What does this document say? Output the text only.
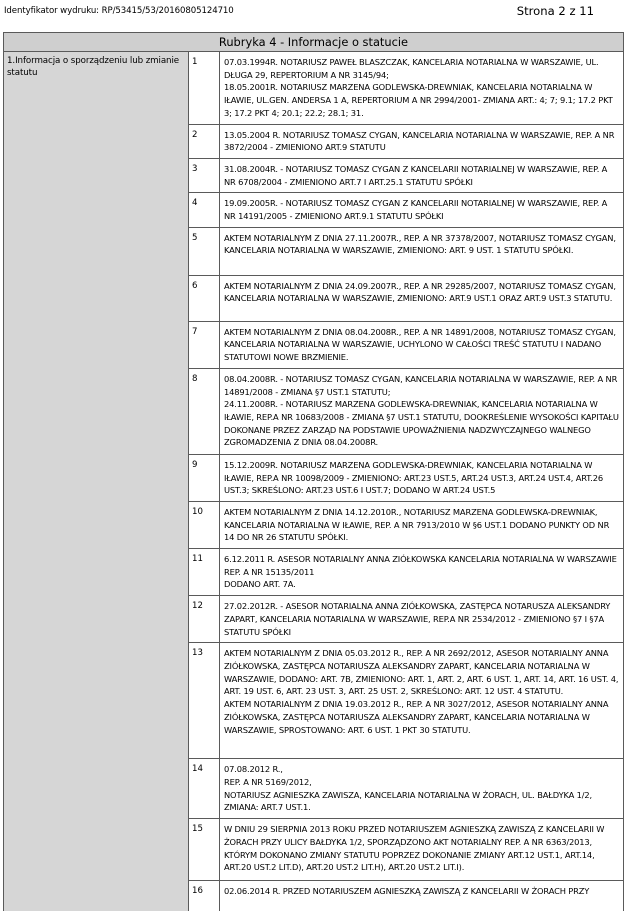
Identyfikator wydruku: RP/53415/53/20160805124710	Strona 2 z 11
Rubryka 4 - Informacje o statucie
1.Informacja o sporządzeniu lub zmianie statutu
1	07.03.1994R. NOTARIUSZ PAWEŁ BLASZCZAK, KANCELARIA NOTARIALNA W WARSZAWIE, UL. DŁUGA 29, REPERTORIUM A NR 3145/94;
18.05.2001R. NOTARIUSZ MARZENA GODLEWSKA-DREWNIAK, KANCELARIA NOTARIALNA W IŁAWIE, UL.GEN. ANDERSA 1 A, REPERTORIUM A NR 2994/2001- ZMIANA ART.: 4; 7; 9.1; 17.2 PKT 3; 17.2 PKT 4; 20.1; 22.2; 28.1; 31.
2	13.05.2004 R. NOTARIUSZ TOMASZ CYGAN, KANCELARIA NOTARIALNA W WARSZAWIE, REP. A NR 3872/2004 - ZMIENIONO ART.9 STATUTU
3	31.08.2004R. - NOTARIUSZ TOMASZ CYGAN Z KANCELARII NOTARIALNEJ W WARSZAWIE, REP. A NR 6708/2004 - ZMIENIONO ART.7 I ART.25.1 STATUTU SPÓŁKI
4	19.09.2005R. - NOTARIUSZ TOMASZ CYGAN Z KANCELARII NOTARIALNEJ W WARSZAWIE, REP. A NR 14191/2005 - ZMIENIONO ART.9.1 STATUTU SPÓŁKI
5	AKTEM NOTARIALNYM Z DNIA 27.11.2007R., REP. A NR 37378/2007, NOTARIUSZ TOMASZ CYGAN, KANCELARIA NOTARIALNA W WARSZAWIE, ZMIENIONO: ART. 9 UST. 1 STATUTU SPÓŁKI.
6	AKTEM NOTARIALNYM Z DNIA 24.09.2007R., REP. A NR 29285/2007, NOTARIUSZ TOMASZ CYGAN, KANCELARIA NOTARIALNA W WARSZAWIE, ZMIENIONO: ART.9 UST.1 ORAZ ART.9 UST.3 STATUTU.
7	AKTEM NOTARIALNYM Z DNIA 08.04.2008R., REP. A NR 14891/2008, NOTARIUSZ TOMASZ CYGAN, KANCELARIA NOTARIALNA W WARSZAWIE, UCHYLONO W CAŁOŚCI TREŚĆ STATUTU I NADANO STATUTOWI NOWE BRZMIENIE.
8	08.04.2008R. - NOTARIUSZ TOMASZ CYGAN, KANCELARIA NOTARIALNA W WARSZAWIE, REP. A NR 14891/2008 - ZMIANA §7 UST.1 STATUTU;
24.11.2008R. - NOTARIUSZ MARZENA GODLEWSKA-DREWNIAK, KANCELARIA NOTARIALNA W IŁAWIE, REP.A NR 10683/2008 - ZMIANA §7 UST.1 STATUTU, DOOKREŚLENIE WYSOKOŚCI KAPITAŁU DOKONANE PRZEZ ZARZĄD NA PODSTAWIE UPOWAŻNIENIA NADZWYCZAJNEGO WALNEGO ZGROMADZENIA Z DNIA 08.04.2008R.
9	15.12.2009R. NOTARIUSZ MARZENA GODLEWSKA-DREWNIAK, KANCELARIA NOTARIALNA W IŁAWIE, REP.A NR 10098/2009 - ZMIENIONO: ART.23 UST.5, ART.24 UST.3, ART.24 UST.4, ART.26 UST.3; SKREŚLONO: ART.23 UST.6 I UST.7; DODANO W ART.24 UST.5
10	AKTEM NOTARIALNYM Z DNIA 14.12.2010R., NOTARIUSZ MARZENA GODLEWSKA-DREWNIAK, KANCELARIA NOTARIALNA W IŁAWIE, REP. A NR 7913/2010 W §6 UST.1 DODANO PUNKTY OD NR 14 DO NR 26 STATUTU SPÓŁKI.
11	6.12.2011 R. ASESOR NOTARIALNY ANNA ZIÓŁKOWSKA KANCELARIA NOTARIALNA W WARSZAWIE REP. A NR 15135/2011
DODANO ART. 7A.
12	27.02.2012R. - ASESOR NOTARIALNA ANNA ZIÓŁKOWSKA, ZASTĘPCA NOTARUSZA ALEKSANDRY ZAPART, KANCELARIA NOTARIALNA W WARSZAWIE, REP.A NR 2534/2012 - ZMIENIONO §7 I §7A STATUTU SPÓŁKI
13	AKTEM NOTARIALNYM Z DNIA 05.03.2012 R., REP. A NR 2692/2012, ASESOR NOTARIALNY ANNA ZIÓŁKOWSKA, ZASTĘPCA NOTARIUSZA ALEKSANDRY ZAPART, KANCELARIA NOTARIALNA W WARSZAWIE, DODANO: ART. 7B, ZMIENIONO: ART. 1, ART. 2, ART. 6 UST. 1, ART. 14, ART. 16 UST. 4, ART. 19 UST. 6, ART. 23 UST. 3, ART. 25 UST. 2, SKREŚLONO: ART. 12 UST. 4 STATUTU.
AKTEM NOTARIALNYM Z DNIA 19.03.2012 R., REP. A NR 3027/2012, ASESOR NOTARIALNY ANNA ZIÓŁKOWSKA, ZASTĘPCA NOTARIUSZA ALEKSANDRY ZAPART, KANCELARIA NOTARIALNA W WARSZAWIE, SPROSTOWANO: ART. 6 UST. 1 PKT 30 STATUTU.
14	07.08.2012 R.,
REP. A NR 5169/2012,
NOTARIUSZ AGNIESZKA ZAWISZA, KANCELARIA NOTARIALNA W ŻORACH, UL. BAŁDYKA 1/2,
ZMIANA: ART.7 UST.1.
15	W DNIU 29 SIERPNIA 2013 ROKU PRZED NOTARIUSZEM AGNIESZKĄ ZAWISZĄ Z KANCELARII W ŻORACH PRZY ULICY BAŁDYKA 1/2, SPORZĄDZONO AKT NOTARIALNY REP. A NR 6363/2013, KTÓRYM DOKONANO ZMIANY STATUTU POPRZEZ DOKONANIE ZMIANY ART.12 UST.1, ART.14, ART.20 UST.2 LIT.D), ART.20 UST.2 LIT.H), ART.20 UST.2 LIT.I).
16	02.06.2014 R. PRZED NOTARIUSZEM AGNIESZKĄ ZAWISZĄ Z KANCELARII W ŻORACH PRZY
